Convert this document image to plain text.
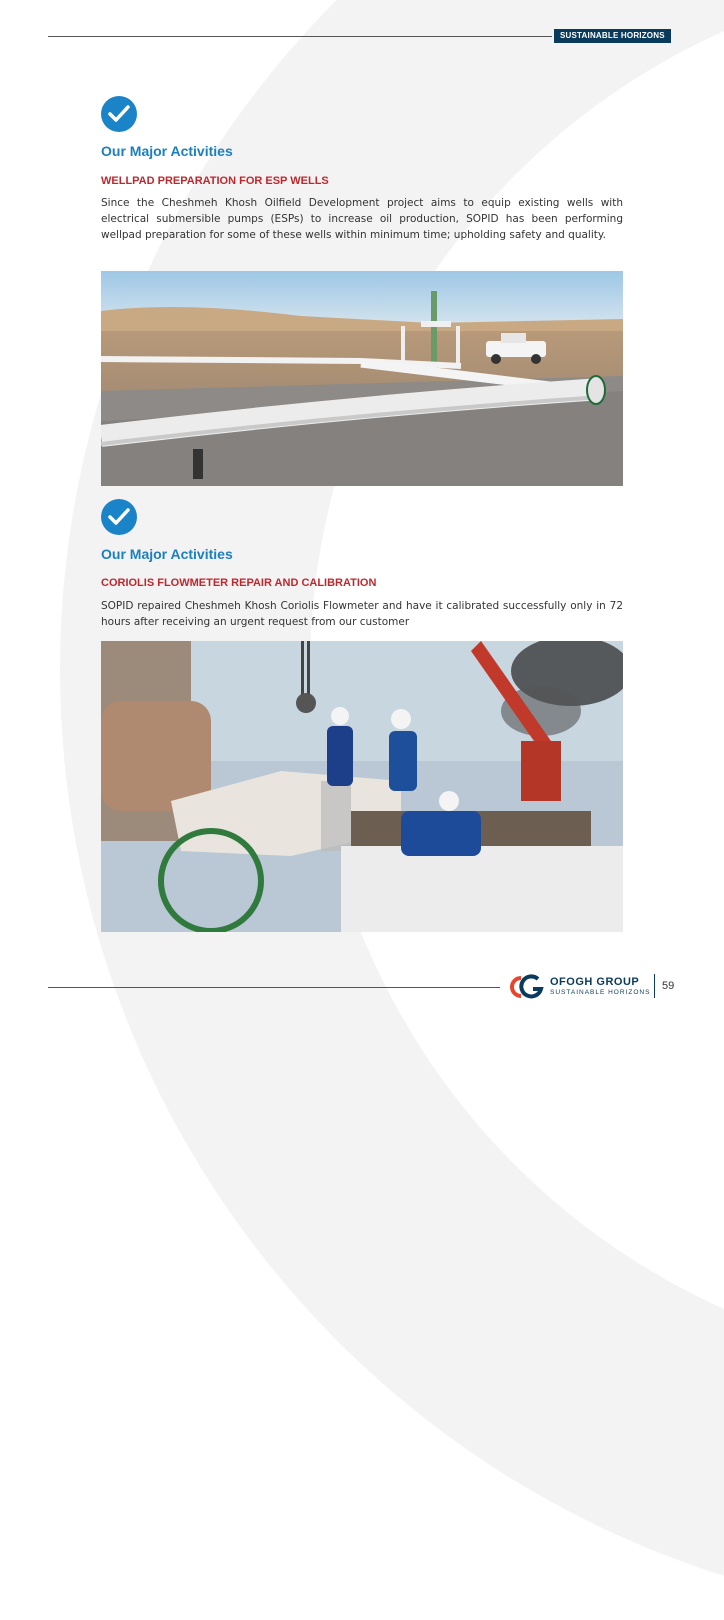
SUSTAINABLE HORIZONS
Our Major Activities
WELLPAD PREPARATION FOR ESP WELLS
Since the Cheshmeh Khosh Oilfield Development project aims to equip existing wells with electrical submersible pumps (ESPs) to increase oil production, SOPID has been performing wellpad preparation for some of these wells within minimum time; upholding safety and quality.
Our Major Activities
CORIOLIS FLOWMETER REPAIR AND CALIBRATION
SOPID repaired Cheshmeh Khosh Coriolis Flowmeter and have it calibrated successfully only in 72 hours after receiving an urgent request from our customer
OFOGH GROUP
SUSTAINABLE HORIZONS
59
